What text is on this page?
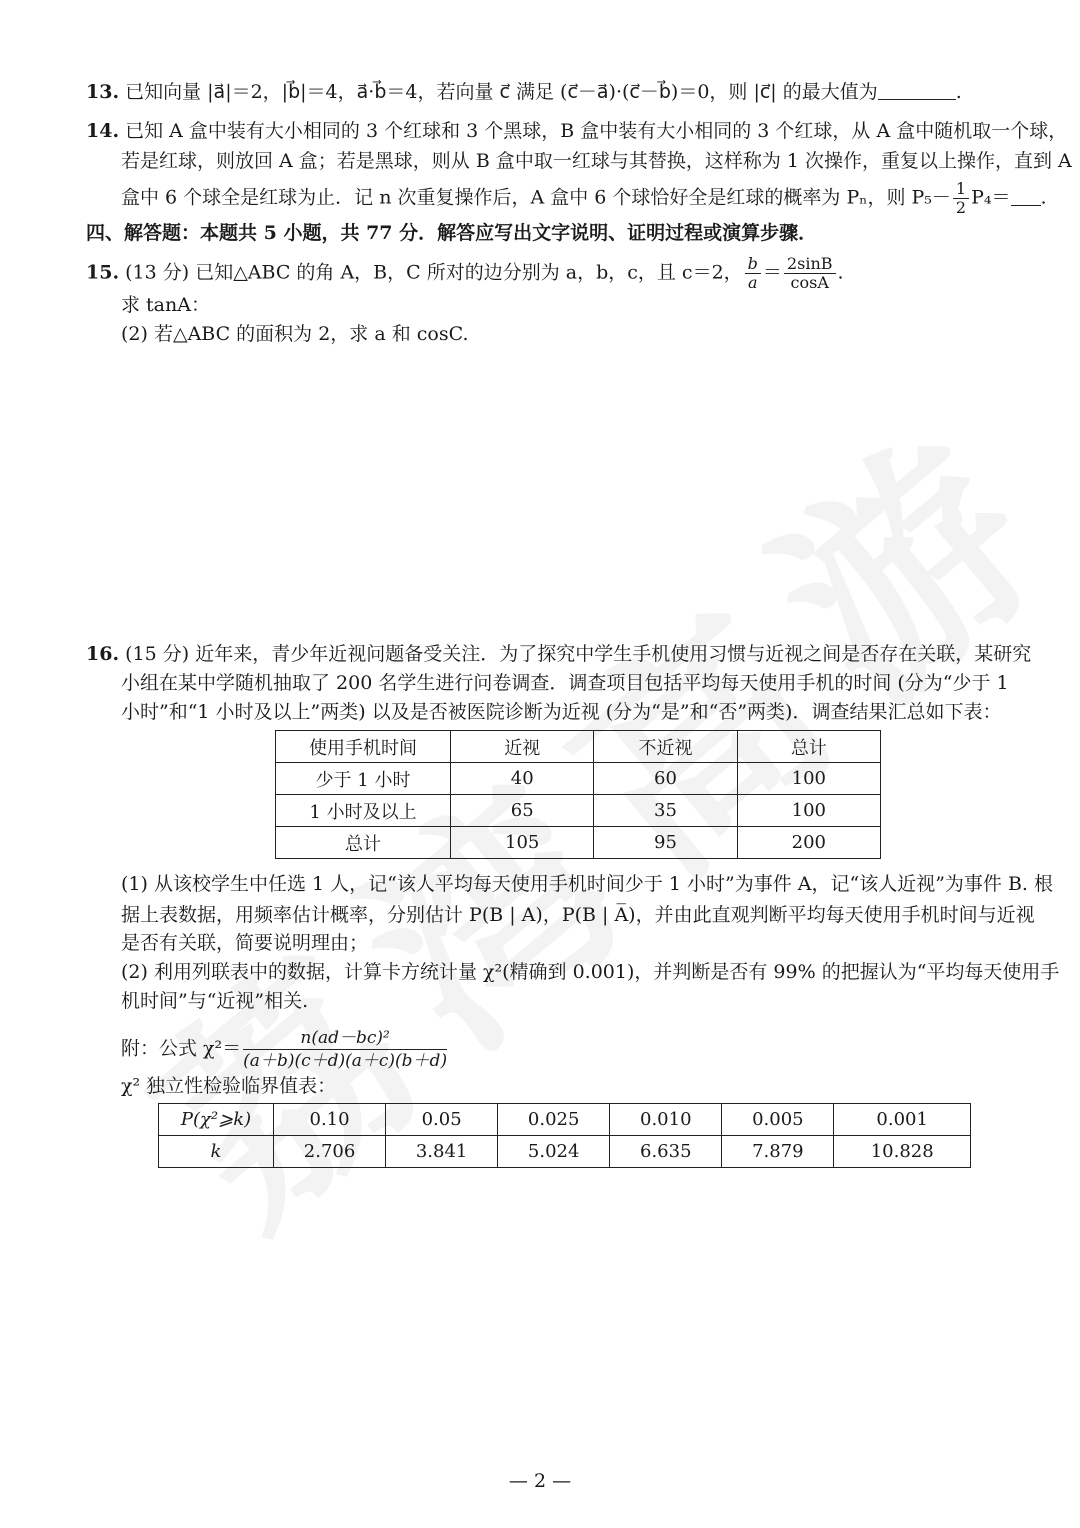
13. 已知向量 |a⃗|＝2，|b⃗|＝4，a⃗·b⃗＝4，若向量 c⃗ 满足 (c⃗－a⃗)·(c⃗－b⃗)＝0，则 |c⃗| 的最大值为	.
14. 已知 A 盒中装有大小相同的 3 个红球和 3 个黑球，B 盒中装有大小相同的 3 个红球，从 A 盒中随机取一个球，
若是红球，则放回 A 盒；若是黑球，则从 B 盒中取一红球与其替换，这样称为 1 次操作，重复以上操作，直到 A
盒中 6 个球全是红球为止．记 n 次重复操作后，A 盒中 6 个球恰好全是红球的概率为 Pₙ，则 $P_5- \frac{1}{2} P_4=$ .
四、解答题：本题共 5 小题，共 77 分．解答应写出文字说明、证明过程或演算步骤．
15. (13 分) 已知△ABC 的角 A，B，C 所对的边分别为 a，b，c，且 c＝2， $\frac{b}{a} = \frac{2\sin B}{\cos A}$ .
求 tanA：
(2) 若△ABC 的面积为 2，求 a 和 cosC.
16. (15 分) 近年来，青少年近视问题备受关注．为了探究中学生手机使用习惯与近视之间是否存在关联，某研究
小组在某中学随机抽取了 200 名学生进行问卷调查．调查项目包括平均每天使用手机的时间 (分为“少于 1
小时”和“1 小时及以上”两类) 以及是否被医院诊断为近视 (分为“是”和“否”两类)．调查结果汇总如下表：
使用手机时间	近视	不近视	总计
少于 1 小时	40	60	100
1 小时及以上	65	35	100
总计	105	95	200
(1) 从该校学生中任选 1 人，记“该人平均每天使用手机时间少于 1 小时”为事件 A，记“该人近视”为事件 B. 根
据上表数据，用频率估计概率，分别估计 P(B | A)，P(B | A̅)，并由此直观判断平均每天使用手机时间与近视
是否有关联，简要说明理由；
(2) 利用列联表中的数据，计算卡方统计量 χ²(精确到 0.001)，并判断是否有 99% 的把握认为“平均每天使用手
机时间”与“近视”相关.
附：公式 $\chi^2= \frac{\text{n(ad－bc)²}}{(a+b)(c+d)(a+c)(b+d)}$
χ² 独立性检验临界值表：
P(χ²⩾k)	0.10	0.05	0.025	0.010	0.005	0.001
k	2.706	3.841	5.024	6.635	7.879	10.828
— 2 —
